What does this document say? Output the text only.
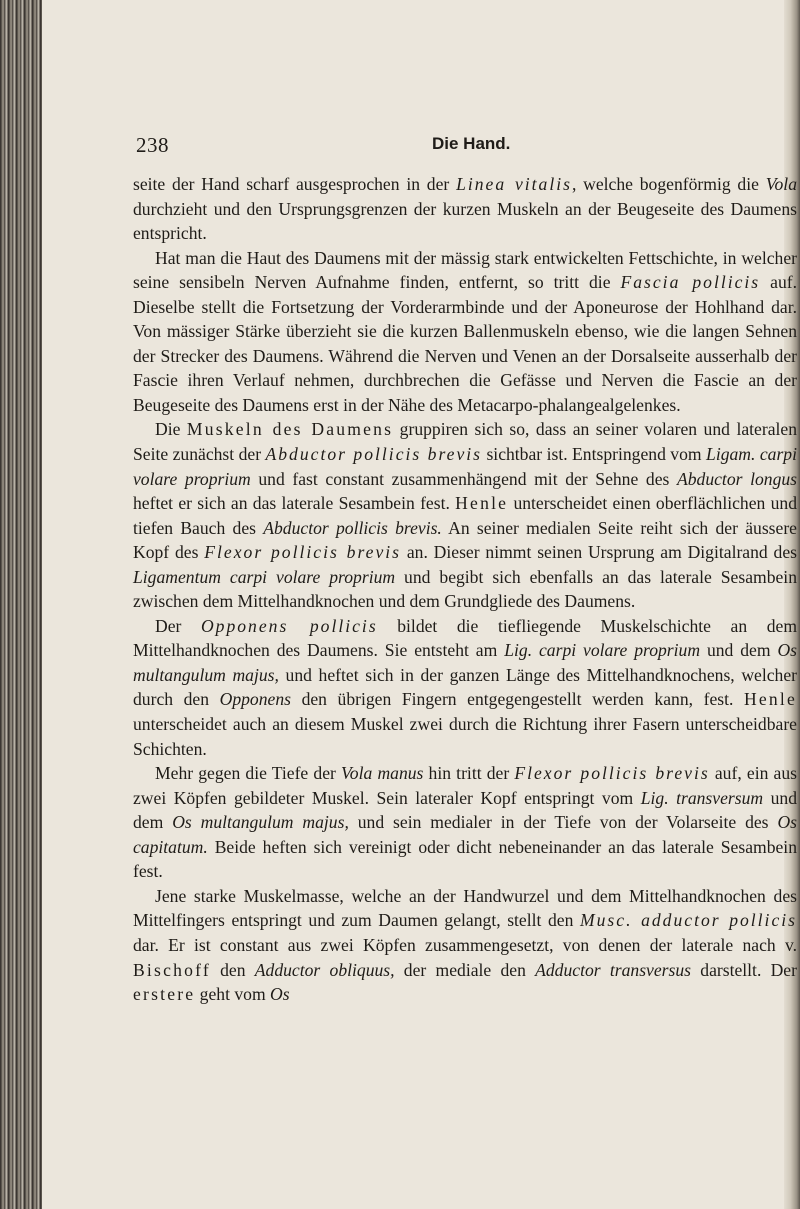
238	Die Hand.

seite der Hand scharf ausgesprochen in der Linea vitalis, welche bogenförmig die Vola durchzieht und den Ursprungsgrenzen der kurzen Muskeln an der Beugeseite des Daumens entspricht.

Hat man die Haut des Daumens mit der mässig stark entwickelten Fettschichte, in welcher seine sensibeln Nerven Aufnahme finden, entfernt, so tritt die Fascia pollicis auf. Dieselbe stellt die Fortsetzung der Vorderarmbinde und der Aponeurose der Hohlhand dar. Von mässiger Stärke überzieht sie die kurzen Ballenmuskeln ebenso, wie die langen Sehnen der Strecker des Daumens. Während die Nerven und Venen an der Dorsalseite ausserhalb der Fascie ihren Verlauf nehmen, durchbrechen die Gefässe und Nerven die Fascie an der Beugeseite des Daumens erst in der Nähe des Metacarpo-phalangealgelenkes.

Die Muskeln des Daumens gruppiren sich so, dass an seiner volaren und lateralen Seite zunächst der Abductor pollicis brevis sichtbar ist. Entspringend vom Ligam. carpi volare proprium und fast constant zusammenhängend mit der Sehne des Abductor longus heftet er sich an das laterale Sesambein fest. Henle unterscheidet einen oberflächlichen und tiefen Bauch des Abductor pollicis brevis. An seiner medialen Seite reiht sich der äussere Kopf des Flexor pollicis brevis an. Dieser nimmt seinen Ursprung am Digitalrand des Ligamentum carpi volare proprium und begibt sich ebenfalls an das laterale Sesambein zwischen dem Mittelhandknochen und dem Grundgliede des Daumens.

Der Opponens pollicis bildet die tiefliegende Muskelschichte an dem Mittelhandknochen des Daumens. Sie entsteht am Lig. carpi volare proprium und dem Os multangulum majus, und heftet sich in der ganzen Länge des Mittelhandknochens, welcher durch den Opponens den übrigen Fingern entgegengestellt werden kann, fest. Henle unterscheidet auch an diesem Muskel zwei durch die Richtung ihrer Fasern unterscheidbare Schichten.

Mehr gegen die Tiefe der Vola manus hin tritt der Flexor pollicis brevis auf, ein aus zwei Köpfen gebildeter Muskel. Sein lateraler Kopf entspringt vom Lig. transversum und dem Os multangulum majus, und sein medialer in der Tiefe von der Volarseite des Os capitatum. Beide heften sich vereinigt oder dicht nebeneinander an das laterale Sesambein fest.

Jene starke Muskelmasse, welche an der Handwurzel und dem Mittelhandknochen des Mittelfingers entspringt und zum Daumen gelangt, stellt den Musc. adductor pollicis dar. Er ist constant aus zwei Köpfen zusammengesetzt, von denen der laterale nach v. Bischoff den Adductor obliquus, der mediale den Adductor transversus darstellt. Der erstere geht vom Os
